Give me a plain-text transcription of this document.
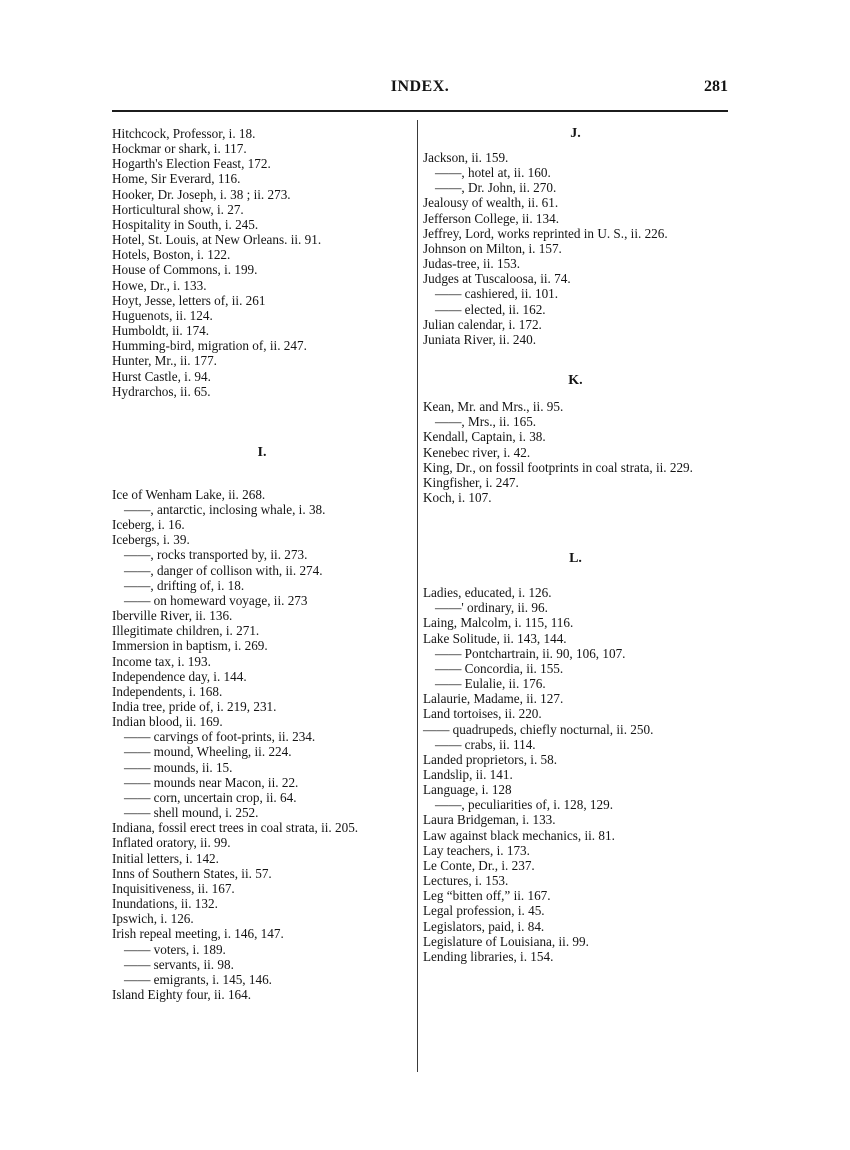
INDEX.	281
Hitchcock, Professor, i. 18.
Hockmar or shark, i. 117.
Hogarth's Election Feast, 172.
Home, Sir Everard, 116.
Hooker, Dr. Joseph, i. 38 ; ii. 273.
Horticultural show, i. 27.
Hospitality in South, i. 245.
Hotel, St. Louis, at New Orleans. ii. 91.
Hotels, Boston, i. 122.
House of Commons, i. 199.
Howe, Dr., i. 133.
Hoyt, Jesse, letters of, ii. 261
Huguenots, ii. 124.
Humboldt, ii. 174.
Humming-bird, migration of, ii. 247.
Hunter, Mr., ii. 177.
Hurst Castle, i. 94.
Hydrarchos, ii. 65.
I.
Ice of Wenham Lake, ii. 268.
——, antarctic, inclosing whale, i. 38.
Iceberg, i. 16.
Icebergs, i. 39.
——, rocks transported by, ii. 273.
——, danger of collison with, ii. 274.
——, drifting of, i. 18.
—— on homeward voyage, ii. 273
Iberville River, ii. 136.
Illegitimate children, i. 271.
Immersion in baptism, i. 269.
Income tax, i. 193.
Independence day, i. 144.
Independents, i. 168.
India tree, pride of, i. 219, 231.
Indian blood, ii. 169.
—— carvings of foot-prints, ii. 234.
—— mound, Wheeling, ii. 224.
—— mounds, ii. 15.
—— mounds near Macon, ii. 22.
—— corn, uncertain crop, ii. 64.
—— shell mound, i. 252.
Indiana, fossil erect trees in coal strata, ii. 205.
Inflated oratory, ii. 99.
Initial letters, i. 142.
Inns of Southern States, ii. 57.
Inquisitiveness, ii. 167.
Inundations, ii. 132.
Ipswich, i. 126.
Irish repeal meeting, i. 146, 147.
—— voters, i. 189.
—— servants, ii. 98.
—— emigrants, i. 145, 146.
Island Eighty four, ii. 164.
J.
Jackson, ii. 159.
——, hotel at, ii. 160.
——, Dr. John, ii. 270.
Jealousy of wealth, ii. 61.
Jefferson College, ii. 134.
Jeffrey, Lord, works reprinted in U. S., ii. 226.
Johnson on Milton, i. 157.
Judas-tree, ii. 153.
Judges at Tuscaloosa, ii. 74.
—— cashiered, ii. 101.
—— elected, ii. 162.
Julian calendar, i. 172.
Juniata River, ii. 240.
K.
Kean, Mr. and Mrs., ii. 95.
——, Mrs., ii. 165.
Kendall, Captain, i. 38.
Kenebec river, i. 42.
King, Dr., on fossil footprints in coal strata, ii. 229.
Kingfisher, i. 247.
Koch, i. 107.
L.
Ladies, educated, i. 126.
——' ordinary, ii. 96.
Laing, Malcolm, i. 115, 116.
Lake Solitude, ii. 143, 144.
—— Pontchartrain, ii. 90, 106, 107.
—— Concordia, ii. 155.
—— Eulalie, ii. 176.
Lalaurie, Madame, ii. 127.
Land tortoises, ii. 220.
—— quadrupeds, chiefly nocturnal, ii. 250.
—— crabs, ii. 114.
Landed proprietors, i. 58.
Landslip, ii. 141.
Language, i. 128
——, peculiarities of, i. 128, 129.
Laura Bridgeman, i. 133.
Law against black mechanics, ii. 81.
Lay teachers, i. 173.
Le Conte, Dr., i. 237.
Lectures, i. 153.
Leg “bitten off,” ii. 167.
Legal profession, i. 45.
Legislators, paid, i. 84.
Legislature of Louisiana, ii. 99.
Lending libraries, i. 154.
